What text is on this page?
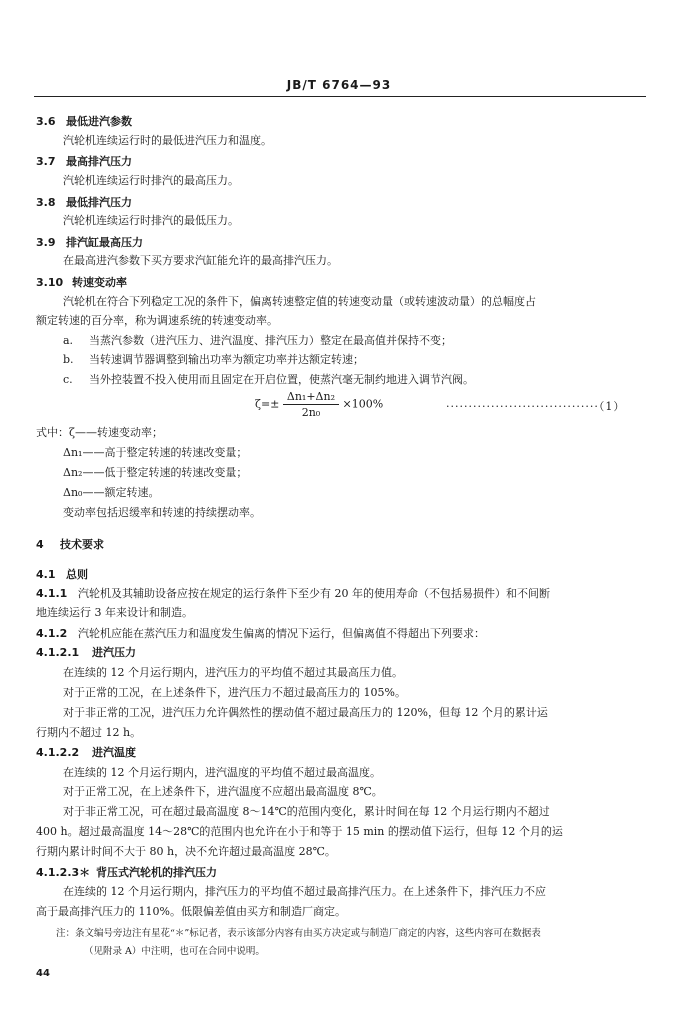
JB/T 6764—93
3.6 最低进汽参数
汽轮机连续运行时的最低进汽压力和温度。
3.7 最高排汽压力
汽轮机连续运行时排汽的最高压力。
3.8 最低排汽压力
汽轮机连续运行时排汽的最低压力。
3.9 排汽缸最高压力
在最高进汽参数下买方要求汽缸能允许的最高排汽压力。
3.10 转速变动率
汽轮机在符合下列稳定工况的条件下，偏离转速整定值的转速变动量（或转速波动量）的总幅度占
额定转速的百分率，称为调速系统的转速变动率。
a. 当蒸汽参数（进汽压力、进汽温度、排汽压力）整定在最高值并保持不变；
b. 当转速调节器调整到输出功率为额定功率并达额定转速；
c. 当外控装置不投入使用而且固定在开启位置，使蒸汽毫无制约地进入调节汽阀。
$\zeta=\pm \frac{\text{Δn₁+Δn₂}}{\text{2n₀}} \times 100\%$	··································（1）
式中：ζ——转速变动率；
Δn₁——高于整定转速的转速改变量；
Δn₂——低于整定转速的转速改变量；
Δn₀——额定转速。
变动率包括迟缓率和转速的持续摆动率。
4 技术要求
4.1 总则
4.1.1 汽轮机及其辅助设备应按在规定的运行条件下至少有 20 年的使用寿命（不包括易损件）和不间断
地连续运行 3 年来设计和制造。
4.1.2 汽轮机应能在蒸汽压力和温度发生偏离的情况下运行，但偏离值不得超出下列要求：
4.1.2.1 进汽压力
在连续的 12 个月运行期内，进汽压力的平均值不超过其最高压力值。
对于正常的工况，在上述条件下，进汽压力不超过最高压力的 105%。
对于非正常的工况，进汽压力允许偶然性的摆动值不超过最高压力的 120%，但每 12 个月的累计运
行期内不超过 12 h。
4.1.2.2 进汽温度
在连续的 12 个月运行期内，进汽温度的平均值不超过最高温度。
对于正常工况，在上述条件下，进汽温度不应超出最高温度 8℃。
对于非正常工况，可在超过最高温度 8～14℃的范围内变化，累计时间在每 12 个月运行期内不超过
400 h。超过最高温度 14～28℃的范围内也允许在小于和等于 15 min 的摆动值下运行，但每 12 个月的运
行期内累计时间不大于 80 h，决不允许超过最高温度 28℃。
4.1.2.3＊ 背压式汽轮机的排汽压力
在连续的 12 个月运行期内，排汽压力的平均值不超过最高排汽压力。在上述条件下，排汽压力不应
高于最高排汽压力的 110%。低限偏差值由买方和制造厂商定。
注：条文编号旁边注有星花“＊”标记者，表示该部分内容有由买方决定或与制造厂商定的内容，这些内容可在数据表
（见附录 A）中注明，也可在合同中说明。
44
